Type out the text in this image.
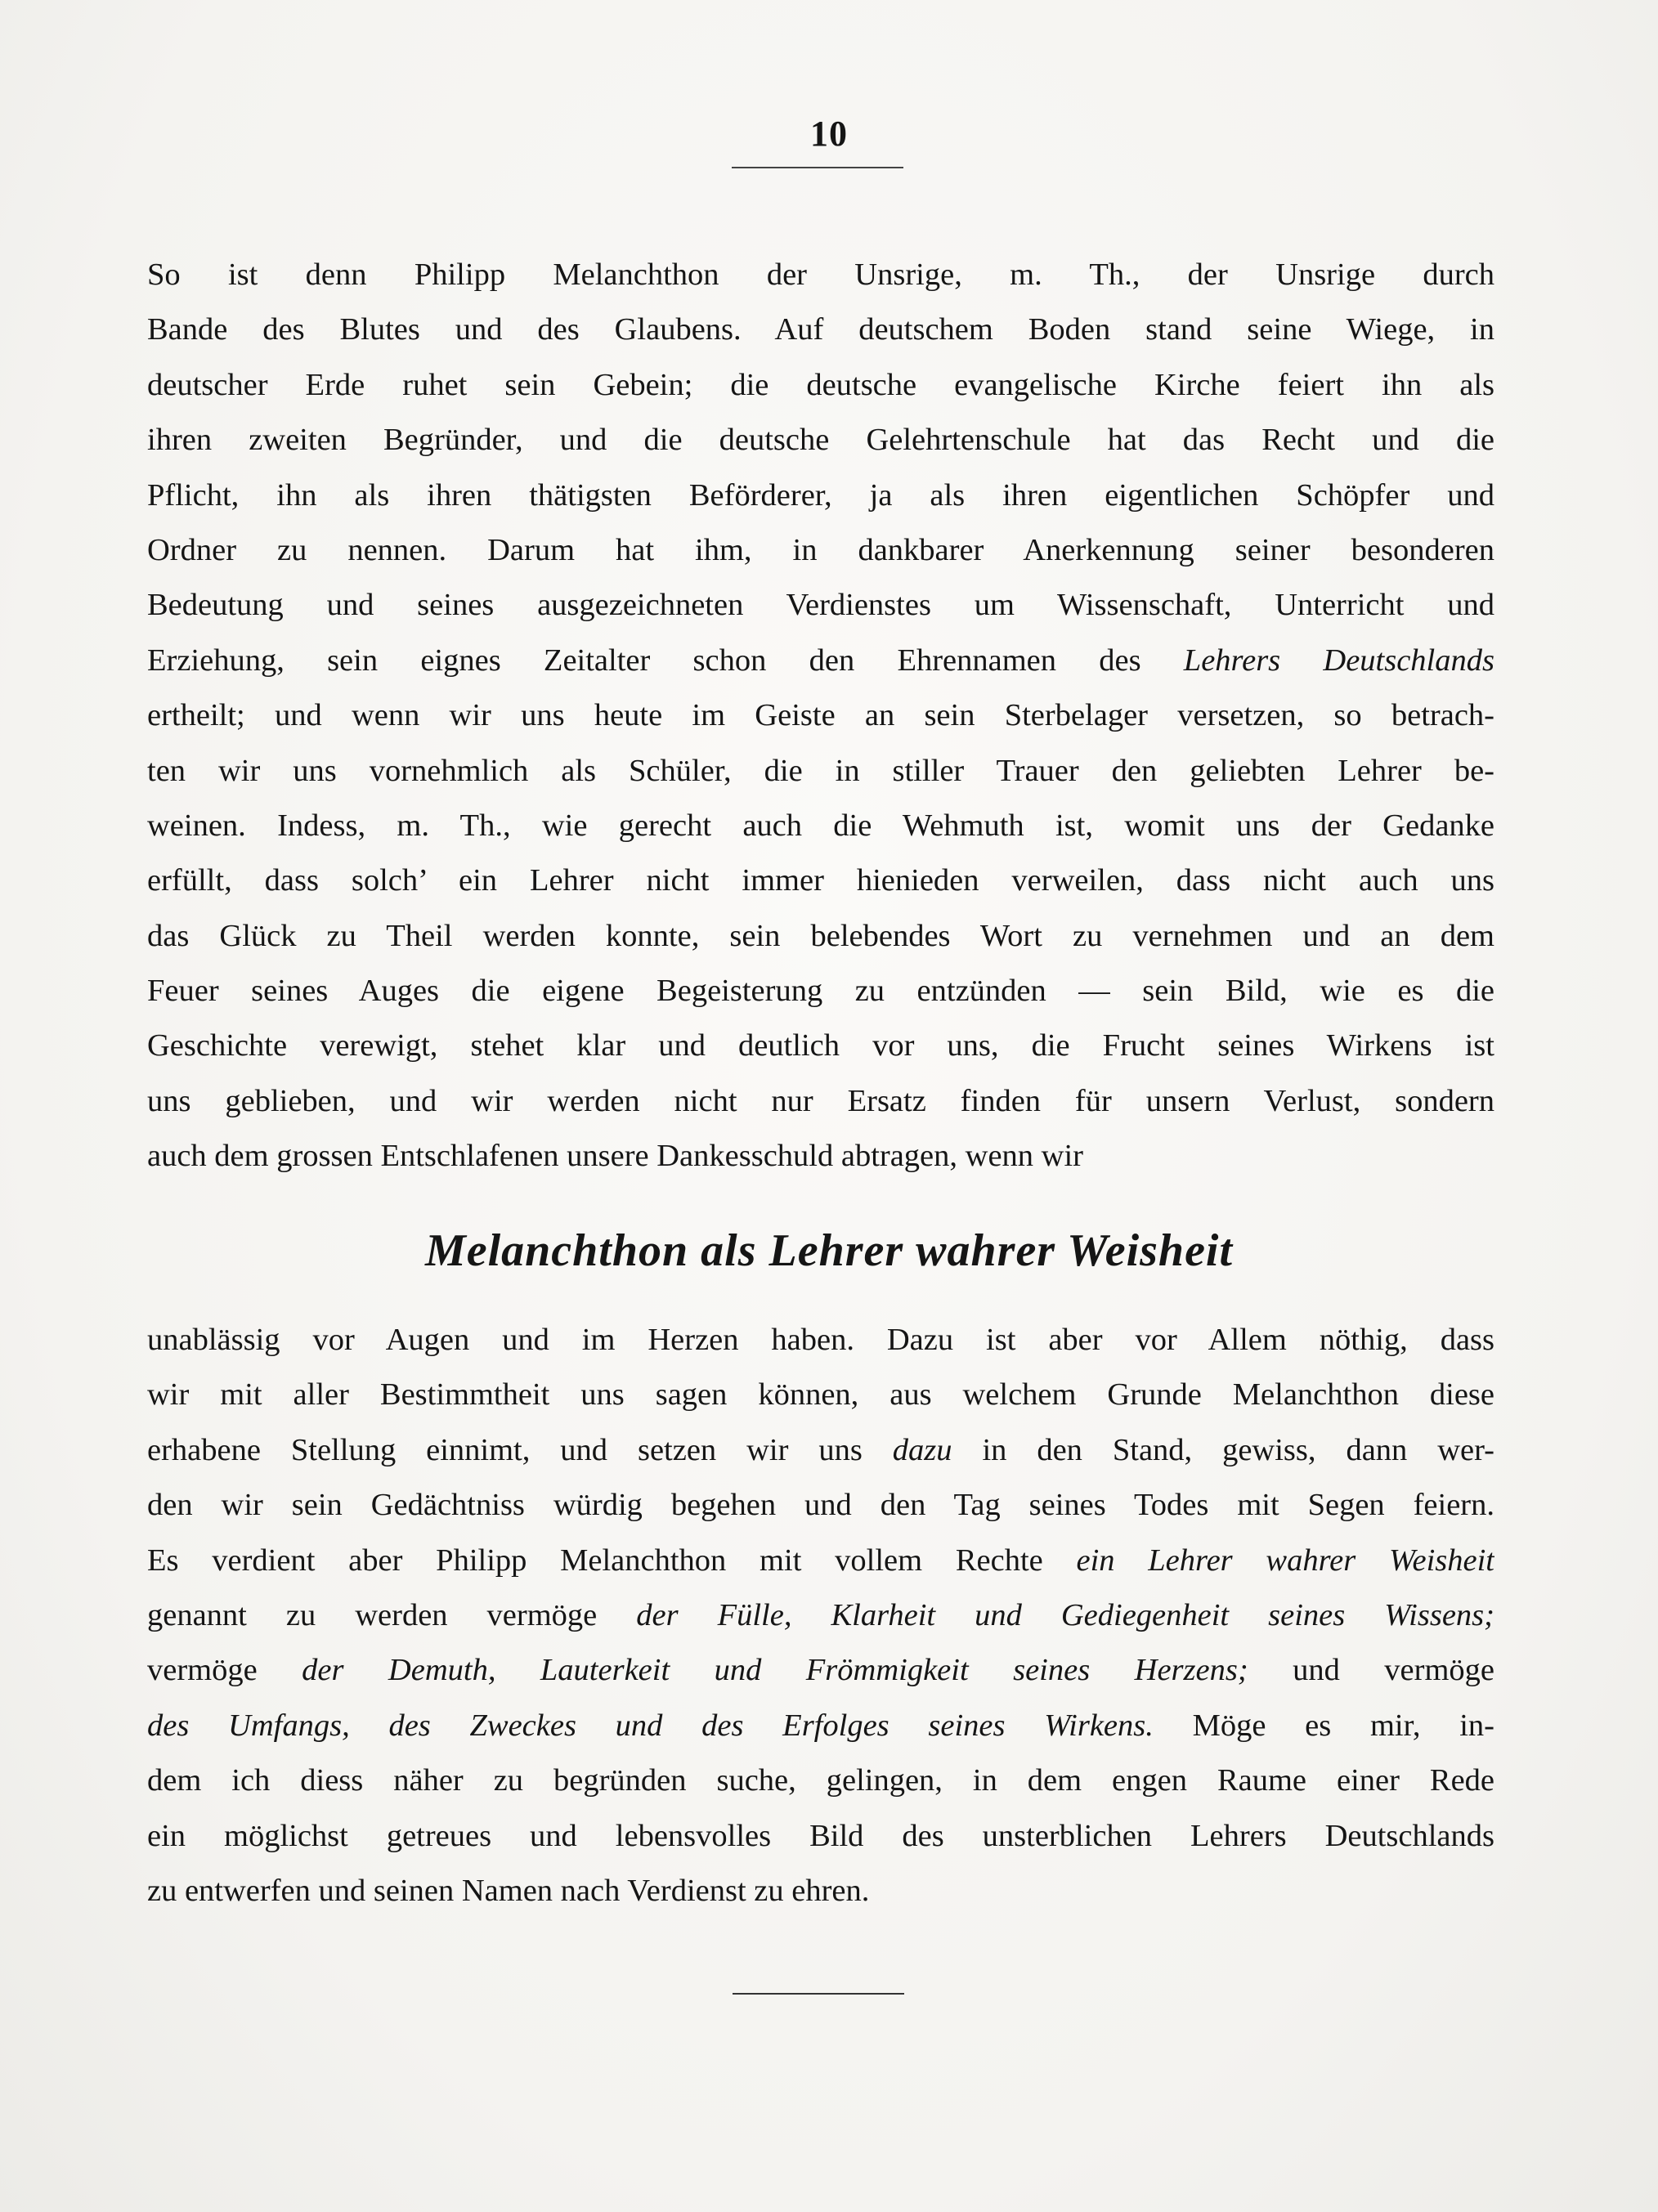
10
So ist denn Philipp Melanchthon der Unsrige, m. Th., der Unsrige durch
Bande des Blutes und des Glaubens. Auf deutschem Boden stand seine Wiege, in
deutscher Erde ruhet sein Gebein; die deutsche evangelische Kirche feiert ihn als
ihren zweiten Begründer, und die deutsche Gelehrtenschule hat das Recht und die
Pflicht, ihn als ihren thätigsten Beförderer, ja als ihren eigentlichen Schöpfer und
Ordner zu nennen. Darum hat ihm, in dankbarer Anerkennung seiner besonderen
Bedeutung und seines ausgezeichneten Verdienstes um Wissenschaft, Unterricht und
Erziehung, sein eignes Zeitalter schon den Ehrennamen des Lehrers Deutschlands
ertheilt; und wenn wir uns heute im Geiste an sein Sterbelager versetzen, so betrach-
ten wir uns vornehmlich als Schüler, die in stiller Trauer den geliebten Lehrer be-
weinen. Indess, m. Th., wie gerecht auch die Wehmuth ist, womit uns der Gedanke
erfüllt, dass solch’ ein Lehrer nicht immer hienieden verweilen, dass nicht auch uns
das Glück zu Theil werden konnte, sein belebendes Wort zu vernehmen und an dem
Feuer seines Auges die eigene Begeisterung zu entzünden — sein Bild, wie es die
Geschichte verewigt, stehet klar und deutlich vor uns, die Frucht seines Wirkens ist
uns geblieben, und wir werden nicht nur Ersatz finden für unsern Verlust, sondern
auch dem grossen Entschlafenen unsere Dankesschuld abtragen, wenn wir
Melanchthon als Lehrer wahrer Weisheit
unablässig vor Augen und im Herzen haben. Dazu ist aber vor Allem nöthig, dass
wir mit aller Bestimmtheit uns sagen können, aus welchem Grunde Melanchthon diese
erhabene Stellung einnimt, und setzen wir uns dazu in den Stand, gewiss, dann wer-
den wir sein Gedächtniss würdig begehen und den Tag seines Todes mit Segen feiern.
Es verdient aber Philipp Melanchthon mit vollem Rechte ein Lehrer wahrer Weisheit
genannt zu werden vermöge der Fülle, Klarheit und Gediegenheit seines Wissens;
vermöge der Demuth, Lauterkeit und Frömmigkeit seines Herzens; und vermöge
des Umfangs, des Zweckes und des Erfolges seines Wirkens. Möge es mir, in-
dem ich diess näher zu begründen suche, gelingen, in dem engen Raume einer Rede
ein möglichst getreues und lebensvolles Bild des unsterblichen Lehrers Deutschlands
zu entwerfen und seinen Namen nach Verdienst zu ehren.
